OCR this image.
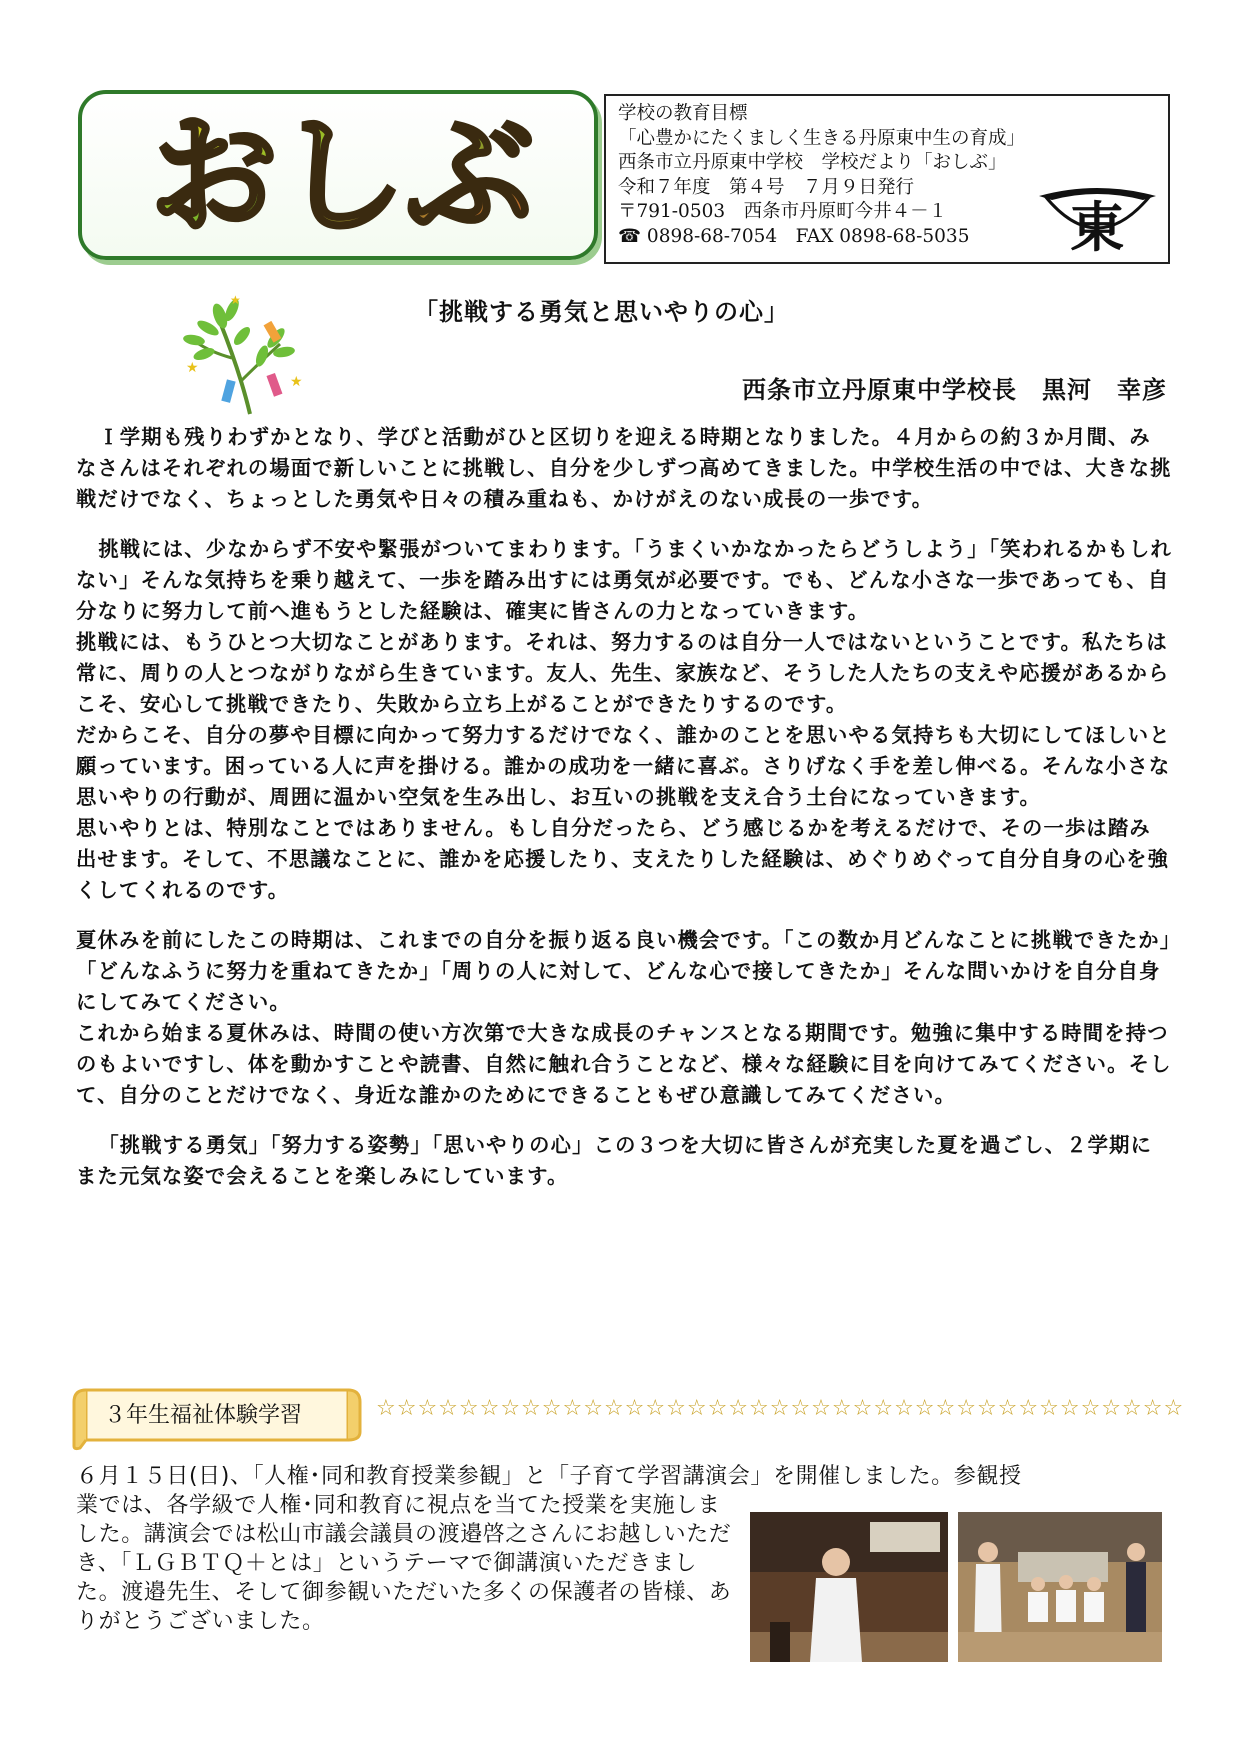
おしぶ	学校の教育目標
「心豊かにたくましく生きる丹原東中生の育成」
西条市立丹原東中学校　学校だより「おしぶ」
令和７年度　第４号　７月９日発行
〒791-0503　西条市丹原町今井４－１
☎ 0898-68-7054　FAX 0898-68-5035	東
★
★
★	「挑戦する勇気と思いやりの心」
西条市立丹原東中学校長　黒河　幸彦

Ｉ学期も残りわずかとなり、学びと活動がひと区切りを迎える時期となりました。４月からの約３か月間、みなさんはそれぞれの場面で新しいことに挑戦し、自分を少しずつ高めてきました。中学校生活の中では、大きな挑戦だけでなく、ちょっとした勇気や日々の積み重ねも、かけがえのない成長の一歩です。

挑戦には、少なからず不安や緊張がついてまわります。「うまくいかなかったらどうしよう」「笑われるかもしれない」そんな気持ちを乗り越えて、一歩を踏み出すには勇気が必要です。でも、どんな小さな一歩であっても、自分なりに努力して前へ進もうとした経験は、確実に皆さんの力となっていきます。

挑戦には、もうひとつ大切なことがあります。それは、努力するのは自分一人ではないということです。私たちは常に、周りの人とつながりながら生きています。友人、先生、家族など、そうした人たちの支えや応援があるからこそ、安心して挑戦できたり、失敗から立ち上がることができたりするのです。

だからこそ、自分の夢や目標に向かって努力するだけでなく、誰かのことを思いやる気持ちも大切にしてほしいと願っています。困っている人に声を掛ける。誰かの成功を一緒に喜ぶ。さりげなく手を差し伸べる。そんな小さな思いやりの行動が、周囲に温かい空気を生み出し、お互いの挑戦を支え合う土台になっていきます。

思いやりとは、特別なことではありません。もし自分だったら、どう感じるかを考えるだけで、その一歩は踏み出せます。そして、不思議なことに、誰かを応援したり、支えたりした経験は、めぐりめぐって自分自身の心を強くしてくれるのです。

夏休みを前にしたこの時期は、これまでの自分を振り返る良い機会です。「この数か月どんなことに挑戦できたか」「どんなふうに努力を重ねてきたか」「周りの人に対して、どんな心で接してきたか」そんな問いかけを自分自身にしてみてください。

これから始まる夏休みは、時間の使い方次第で大きな成長のチャンスとなる期間です。勉強に集中する時間を持つのもよいですし、体を動かすことや読書、自然に触れ合うことなど、様々な経験に目を向けてみてください。そして、自分のことだけでなく、身近な誰かのためにできることもぜひ意識してみてください。

「挑戦する勇気」「努力する姿勢」「思いやりの心」この３つを大切に皆さんが充実した夏を過ごし、２学期にまた元気な姿で会えることを楽しみにしています。

３年生福祉体験学習	☆☆☆☆☆☆☆☆☆☆☆☆☆☆☆☆☆☆☆☆☆☆☆☆☆☆☆☆☆☆☆☆☆☆☆☆☆☆☆

６月１５日(日)、「人権･同和教育授業参観」と「子育て学習講演会」を開催しました。参観授

業では、各学級で人権･同和教育に視点を当てた授業を実施しました。講演会では松山市議会議員の渡邉啓之さんにお越しいただき、「ＬＧＢＴＱ＋とは」というテーマで御講演いただきました。渡邉先生、そして御参観いただいた多くの保護者の皆様、ありがとうございました。
